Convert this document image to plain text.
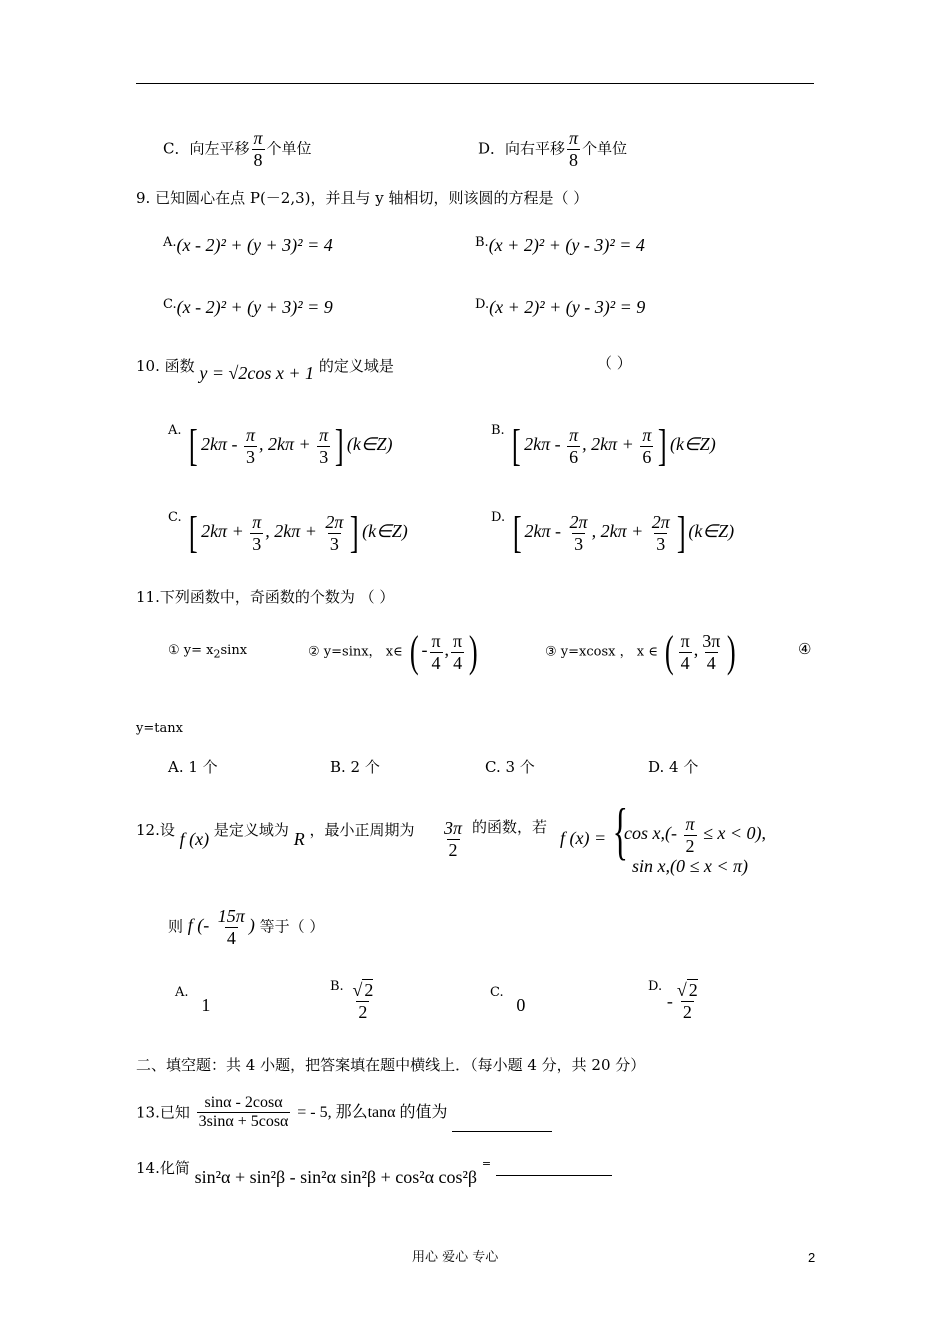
C．向左平移 $\frac{\pi}{8}$ 个单位	D．向右平移 $\frac{\pi}{8}$ 个单位
9. 已知圆心在点 P(－2,3)，并且与 y 轴相切，则该圆的方程是（ ）
A.(x - 2)² + (y + 3)² = 4	B.(x + 2)² + (y - 3)² = 4
C.(x - 2)² + (y + 3)² = 9	D.(x + 2)² + (y - 3)² = 9
10. 函数 y = √2cos x + 1 的定义域是	（ ）
A. [ $2k\pi - \frac{\pi}{3}$ , $2k\pi + \frac{\pi}{3}$ ] (k∈Z)
B. [ $2k\pi - \frac{\pi}{6}$ , $2k\pi + \frac{\pi}{6}$ ] (k∈Z)
C. [ $2k\pi + \frac{\pi}{3}$ , $2k\pi + \frac{2\pi}{3}$ ] (k∈Z)
D. [ $2k\pi - \frac{2\pi}{3}$ , $2k\pi + \frac{2\pi}{3}$ ] (k∈Z)
11.下列函数中，奇函数的个数为 （ ）
① $y= x_2\sin x$	② y=sinx， x∈ ( - $\frac{\pi}{4}$ , $\frac{\pi}{4}$ )	③ y=xcosx ， x ∈ ( $\frac{\pi}{4}$ , $\frac{3\pi}{4}$ )	④
y=tanx
A. 1 个	B. 2 个	C. 3 个	D. 4 个
12.设 f (x) 是定义域为 R ，最小正周期为 $\frac{3\pi}{2}$ 的函数，若
f (x) = {
$\cos x,(- \frac{\pi}{2} \le x < 0)$,
sin x,(0 ≤ x < π)
则 f (- $\frac{15\pi}{4}$ ) 等于（ ）
A. 1
B. $\frac{√ 2}{2}$	C. 0
D. - $\frac{√ 2}{2}$
二、填空题：共 4 小题，把答案填在题中横线上．（每小题 4 分，共 20 分）
13.已知 $\frac{\sin\alpha - 2\cos\alpha}{3\sin\alpha + 5\cos\alpha}$ = - 5, 那么tanα 的值为
14.化简 sin²α + sin²β - sin²α sin²β + cos²α cos²β =
用心 爱心 专心	2
